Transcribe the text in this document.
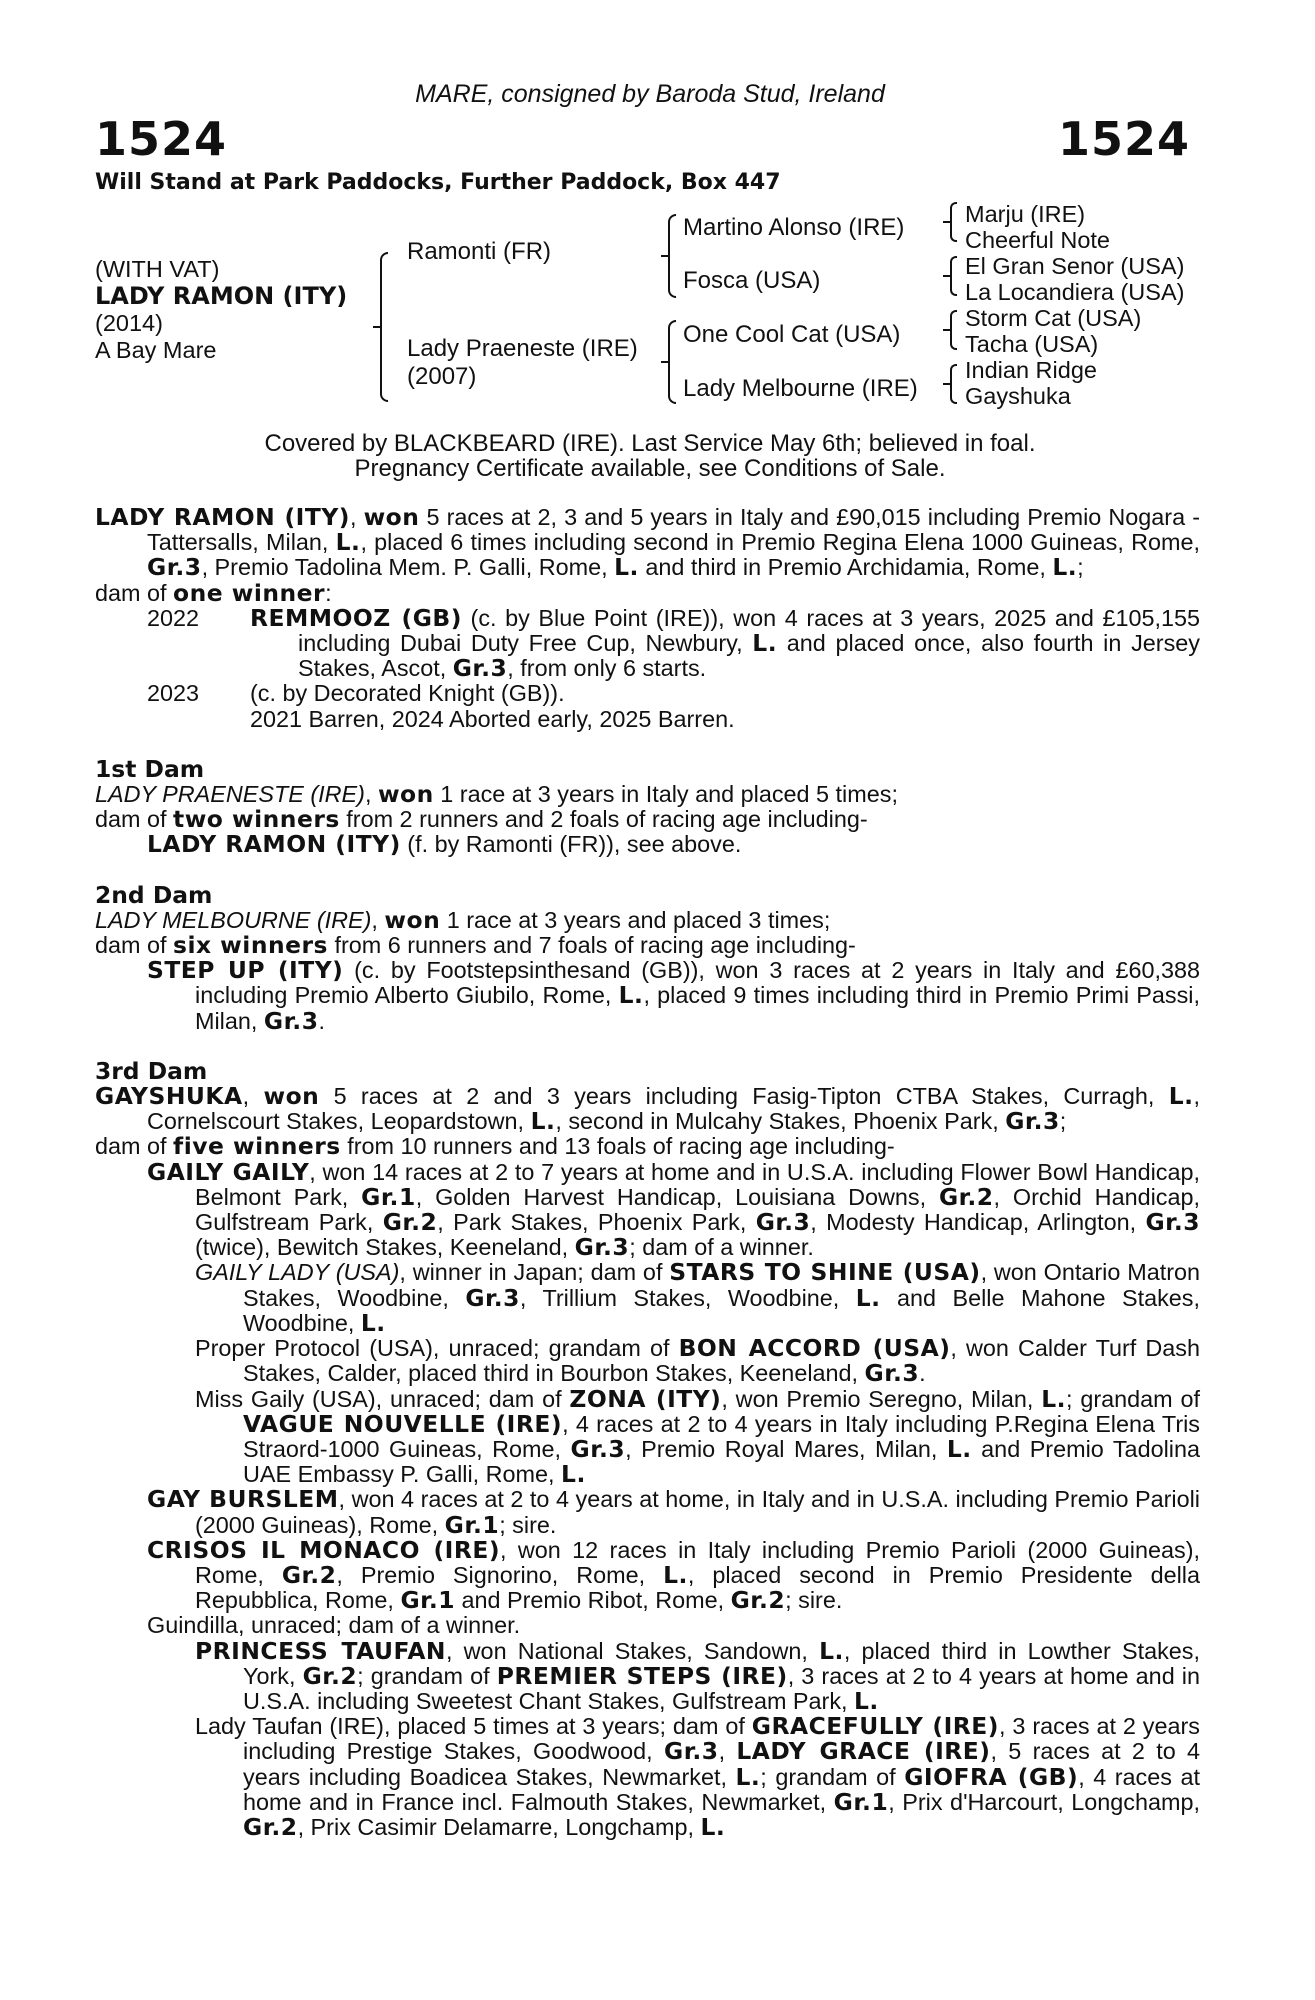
MARE, consigned by Baroda Stud, Ireland
1524	1524
Will Stand at Park Paddocks, Further Paddock, Box 447
(WITH VAT)
LADY RAMON (ITY)
(2014)
A Bay Mare
Ramonti (FR)
Lady Praeneste (IRE)
(2007)
Martino Alonso (IRE)
Fosca (USA)
One Cool Cat (USA)
Lady Melbourne (IRE)
Marju (IRE)
Cheerful Note
El Gran Senor (USA)
La Locandiera (USA)
Storm Cat (USA)
Tacha (USA)
Indian Ridge
Gayshuka
Covered by BLACKBEARD (IRE). Last Service May 6th; believed in foal.
Pregnancy Certificate available, see Conditions of Sale.

LADY RAMON (ITY), won 5 races at 2, 3 and 5 years in Italy and £90,015 including Premio Nogara - Tattersalls, Milan, L., placed 6 times including second in Premio Regina Elena 1000 Guineas, Rome, Gr.3, Premio Tadolina Mem. P. Galli, Rome, L. and third in Premio Archidamia, Rome, L.;

dam of one winner:

2022	REMMOOZ (GB) (c. by Blue Point (IRE)), won 4 races at 3 years, 2025 and £105,155 including Dubai Duty Free Cup, Newbury, L. and placed once, also fourth in Jersey Stakes, Ascot, Gr.3, from only 6 starts.

2023	(c. by Decorated Knight (GB)).

2021 Barren, 2024 Aborted early, 2025 Barren.

1st Dam

LADY PRAENESTE (IRE), won 1 race at 3 years in Italy and placed 5 times;

dam of two winners from 2 runners and 2 foals of racing age including-

LADY RAMON (ITY) (f. by Ramonti (FR)), see above.

2nd Dam

LADY MELBOURNE (IRE), won 1 race at 3 years and placed 3 times;

dam of six winners from 6 runners and 7 foals of racing age including-

STEP UP (ITY) (c. by Footstepsinthesand (GB)), won 3 races at 2 years in Italy and £60,388 including Premio Alberto Giubilo, Rome, L., placed 9 times including third in Premio Primi Passi, Milan, Gr.3.

3rd Dam

GAYSHUKA, won 5 races at 2 and 3 years including Fasig-Tipton CTBA Stakes, Curragh, L., Cornelscourt Stakes, Leopardstown, L., second in Mulcahy Stakes, Phoenix Park, Gr.3;

dam of five winners from 10 runners and 13 foals of racing age including-

GAILY GAILY, won 14 races at 2 to 7 years at home and in U.S.A. including Flower Bowl Handicap, Belmont Park, Gr.1, Golden Harvest Handicap, Louisiana Downs, Gr.2, Orchid Handicap, Gulfstream Park, Gr.2, Park Stakes, Phoenix Park, Gr.3, Modesty Handicap, Arlington, Gr.3 (twice), Bewitch Stakes, Keeneland, Gr.3; dam of a winner.

GAILY LADY (USA), winner in Japan; dam of STARS TO SHINE (USA), won Ontario Matron Stakes, Woodbine, Gr.3, Trillium Stakes, Woodbine, L. and Belle Mahone Stakes, Woodbine, L.

Proper Protocol (USA), unraced; grandam of BON ACCORD (USA), won Calder Turf Dash Stakes, Calder, placed third in Bourbon Stakes, Keeneland, Gr.3.

Miss Gaily (USA), unraced; dam of ZONA (ITY), won Premio Seregno, Milan, L.; grandam of VAGUE NOUVELLE (IRE), 4 races at 2 to 4 years in Italy including P.Regina Elena Tris Straord-1000 Guineas, Rome, Gr.3, Premio Royal Mares, Milan, L. and Premio Tadolina UAE Embassy P. Galli, Rome, L.

GAY BURSLEM, won 4 races at 2 to 4 years at home, in Italy and in U.S.A. including Premio Parioli (2000 Guineas), Rome, Gr.1; sire.

CRISOS IL MONACO (IRE), won 12 races in Italy including Premio Parioli (2000 Guineas), Rome, Gr.2, Premio Signorino, Rome, L., placed second in Premio Presidente della Repubblica, Rome, Gr.1 and Premio Ribot, Rome, Gr.2; sire.

Guindilla, unraced; dam of a winner.

PRINCESS TAUFAN, won National Stakes, Sandown, L., placed third in Lowther Stakes, York, Gr.2; grandam of PREMIER STEPS (IRE), 3 races at 2 to 4 years at home and in U.S.A. including Sweetest Chant Stakes, Gulfstream Park, L.

Lady Taufan (IRE), placed 5 times at 3 years; dam of GRACEFULLY (IRE), 3 races at 2 years including Prestige Stakes, Goodwood, Gr.3, LADY GRACE (IRE), 5 races at 2 to 4 years including Boadicea Stakes, Newmarket, L.; grandam of GIOFRA (GB), 4 races at home and in France incl. Falmouth Stakes, Newmarket, Gr.1, Prix d'Harcourt, Longchamp, Gr.2, Prix Casimir Delamarre, Longchamp, L.
